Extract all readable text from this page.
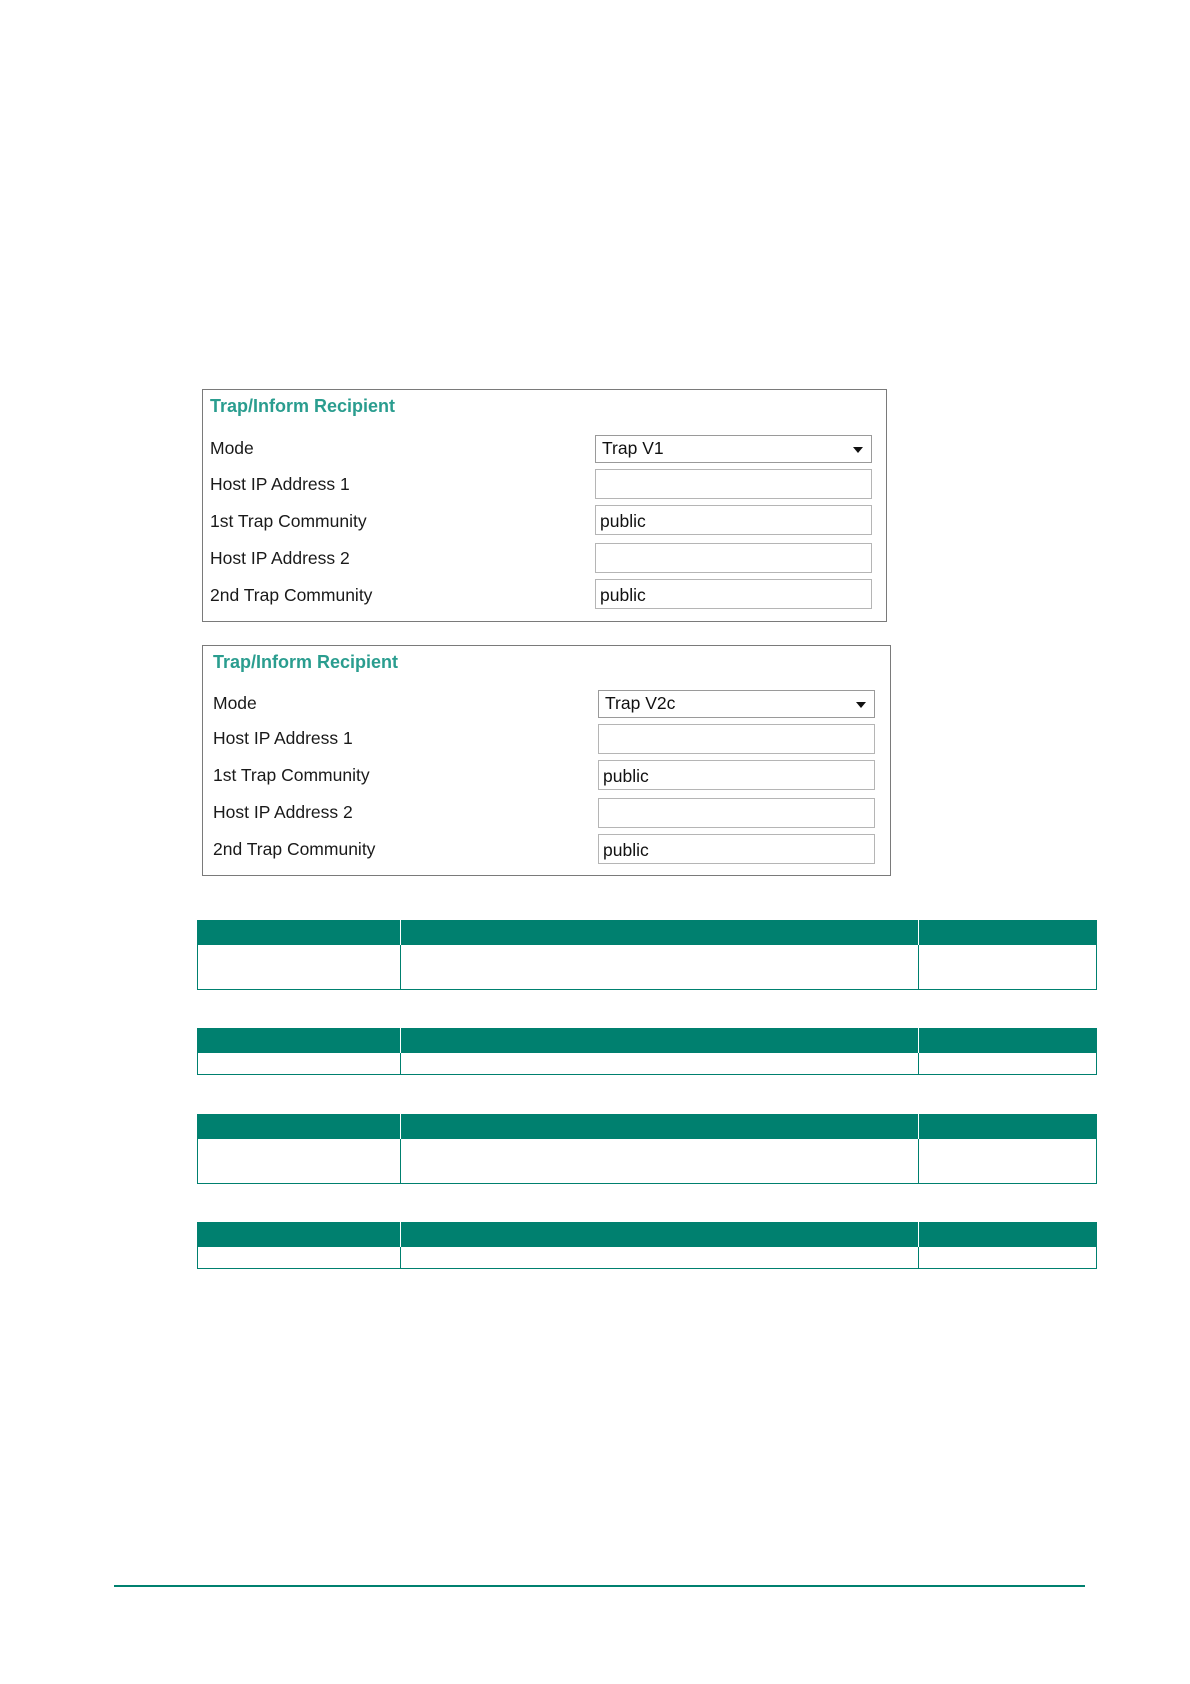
Trap/Inform Recipient
Mode	Trap V1
Host IP Address 1
1st Trap Community	public
Host IP Address 2
2nd Trap Community	public
Trap/Inform Recipient
Mode	Trap V2c
Host IP Address 1
1st Trap Community	public
Host IP Address 2
2nd Trap Community	public
